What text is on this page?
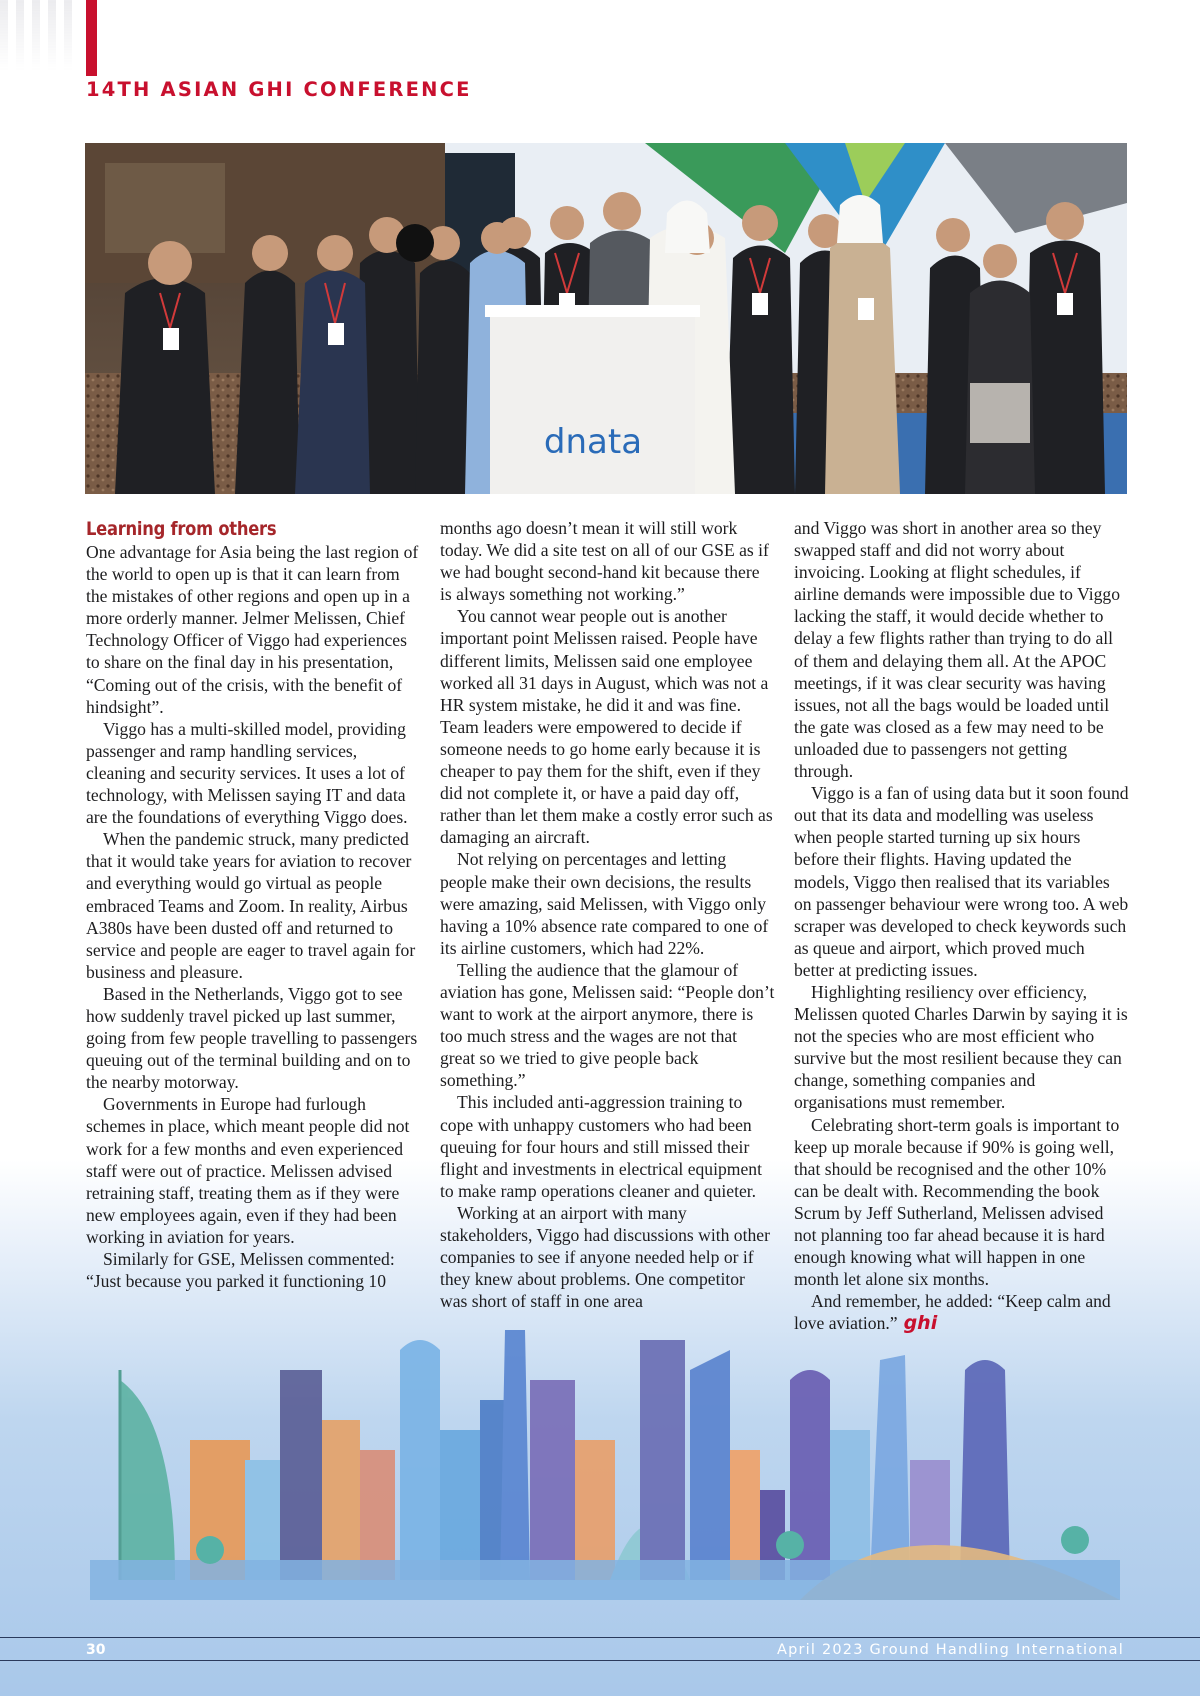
14TH ASIAN GHI CONFERENCE
dnata
Learning from others

One advantage for Asia being the last region of the world to open up is that it can learn from the mistakes of other regions and open up in a more orderly manner. Jelmer Melissen, Chief Technology Officer of Viggo had experiences to share on the final day in his presentation, “Coming out of the crisis, with the benefit of hindsight”.

Viggo has a multi-skilled model, providing passenger and ramp handling services, cleaning and security services. It uses a lot of technology, with Melissen saying IT and data are the foundations of everything Viggo does.

When the pandemic struck, many predicted that it would take years for aviation to recover and everything would go virtual as people embraced Teams and Zoom. In reality, Airbus A380s have been dusted off and returned to service and people are eager to travel again for business and pleasure.

Based in the Netherlands, Viggo got to see how suddenly travel picked up last summer, going from few people travelling to passengers queuing out of the terminal building and on to the nearby motorway.

Governments in Europe had furlough schemes in place, which meant people did not work for a few months and even experienced staff were out of practice. Melissen advised retraining staff, treating them as if they were new employees again, even if they had been working in aviation for years.

Similarly for GSE, Melissen commented: “Just because you parked it functioning 10

months ago doesn’t mean it will still work today. We did a site test on all of our GSE as if we had bought second-hand kit because there is always something not working.”

You cannot wear people out is another important point Melissen raised. People have different limits, Melissen said one employee worked all 31 days in August, which was not a HR system mistake, he did it and was fine. Team leaders were empowered to decide if someone needs to go home early because it is cheaper to pay them for the shift, even if they did not complete it, or have a paid day off, rather than let them make a costly error such as damaging an aircraft.

Not relying on percentages and letting people make their own decisions, the results were amazing, said Melissen, with Viggo only having a 10% absence rate compared to one of its airline customers, which had 22%.

Telling the audience that the glamour of aviation has gone, Melissen said: “People don’t want to work at the airport anymore, there is too much stress and the wages are not that great so we tried to give people back something.”

This included anti-aggression training to cope with unhappy customers who had been queuing for four hours and still missed their flight and investments in electrical equipment to make ramp operations cleaner and quieter.

Working at an airport with many stakeholders, Viggo had discussions with other companies to see if anyone needed help or if they knew about problems. One competitor was short of staff in one area

and Viggo was short in another area so they swapped staff and did not worry about invoicing. Looking at flight schedules, if airline demands were impossible due to Viggo lacking the staff, it would decide whether to delay a few flights rather than trying to do all of them and delaying them all. At the APOC meetings, if it was clear security was having issues, not all the bags would be loaded until the gate was closed as a few may need to be unloaded due to passengers not getting through.

Viggo is a fan of using data but it soon found out that its data and modelling was useless when people started turning up six hours before their flights. Having updated the models, Viggo then realised that its variables on passenger behaviour were wrong too. A web scraper was developed to check keywords such as queue and airport, which proved much better at predicting issues.

Highlighting resiliency over efficiency, Melissen quoted Charles Darwin by saying it is not the species who are most efficient who survive but the most resilient because they can change, something companies and organisations must remember.

Celebrating short-term goals is important to keep up morale because if 90% is going well, that should be recognised and the other 10% can be dealt with. Recommending the book Scrum by Jeff Sutherland, Melissen advised not planning too far ahead because it is hard enough knowing what will happen in one month let alone six months.

And remember, he added: “Keep calm and love aviation.” ghi

30	April 2023 Ground Handling International
